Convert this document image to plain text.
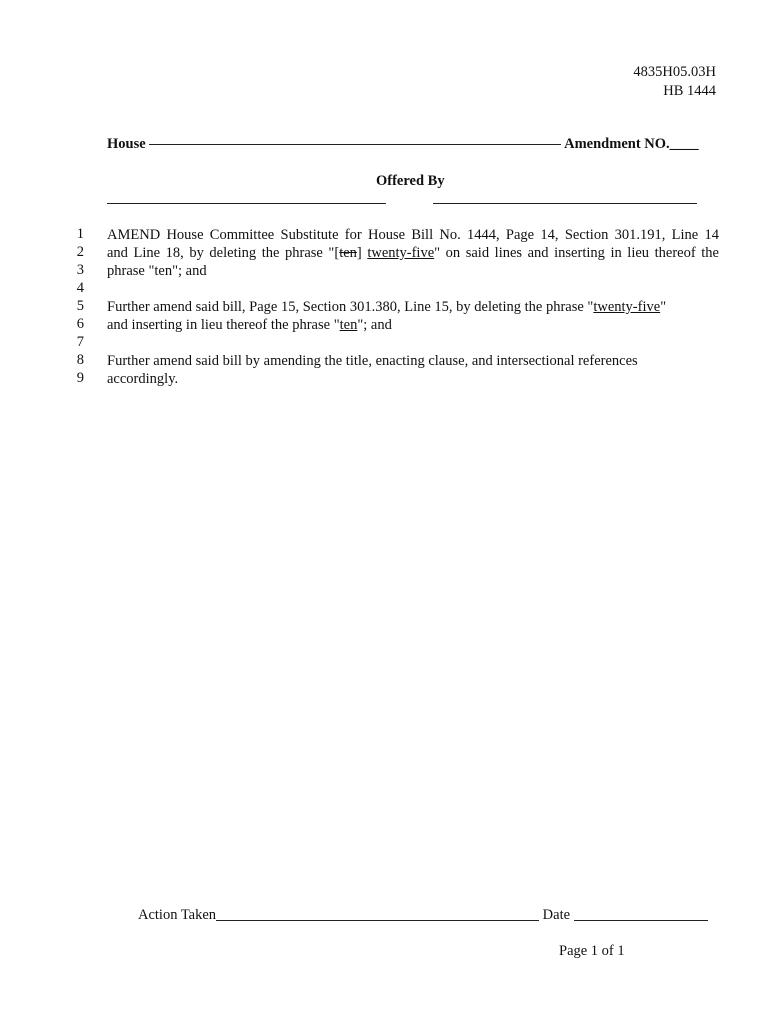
4835H05.03H
HB 1444
House	Amendment NO.____
Offered By
1
2
3
4
5
6
7
8
9
AMEND House Committee Substitute for House Bill No. 1444, Page 14, Section 301.191, Line 14
and Line 18, by deleting the phrase "[ten] twenty-five" on said lines and inserting in lieu thereof the
phrase "ten"; and
Further amend said bill, Page 15, Section 301.380, Line 15, by deleting the phrase "twenty-five"
and inserting in lieu thereof the phrase "ten"; and
Further amend said bill by amending the title, enacting clause, and intersectional references
accordingly.
Action Taken	Date
Page 1 of 1
